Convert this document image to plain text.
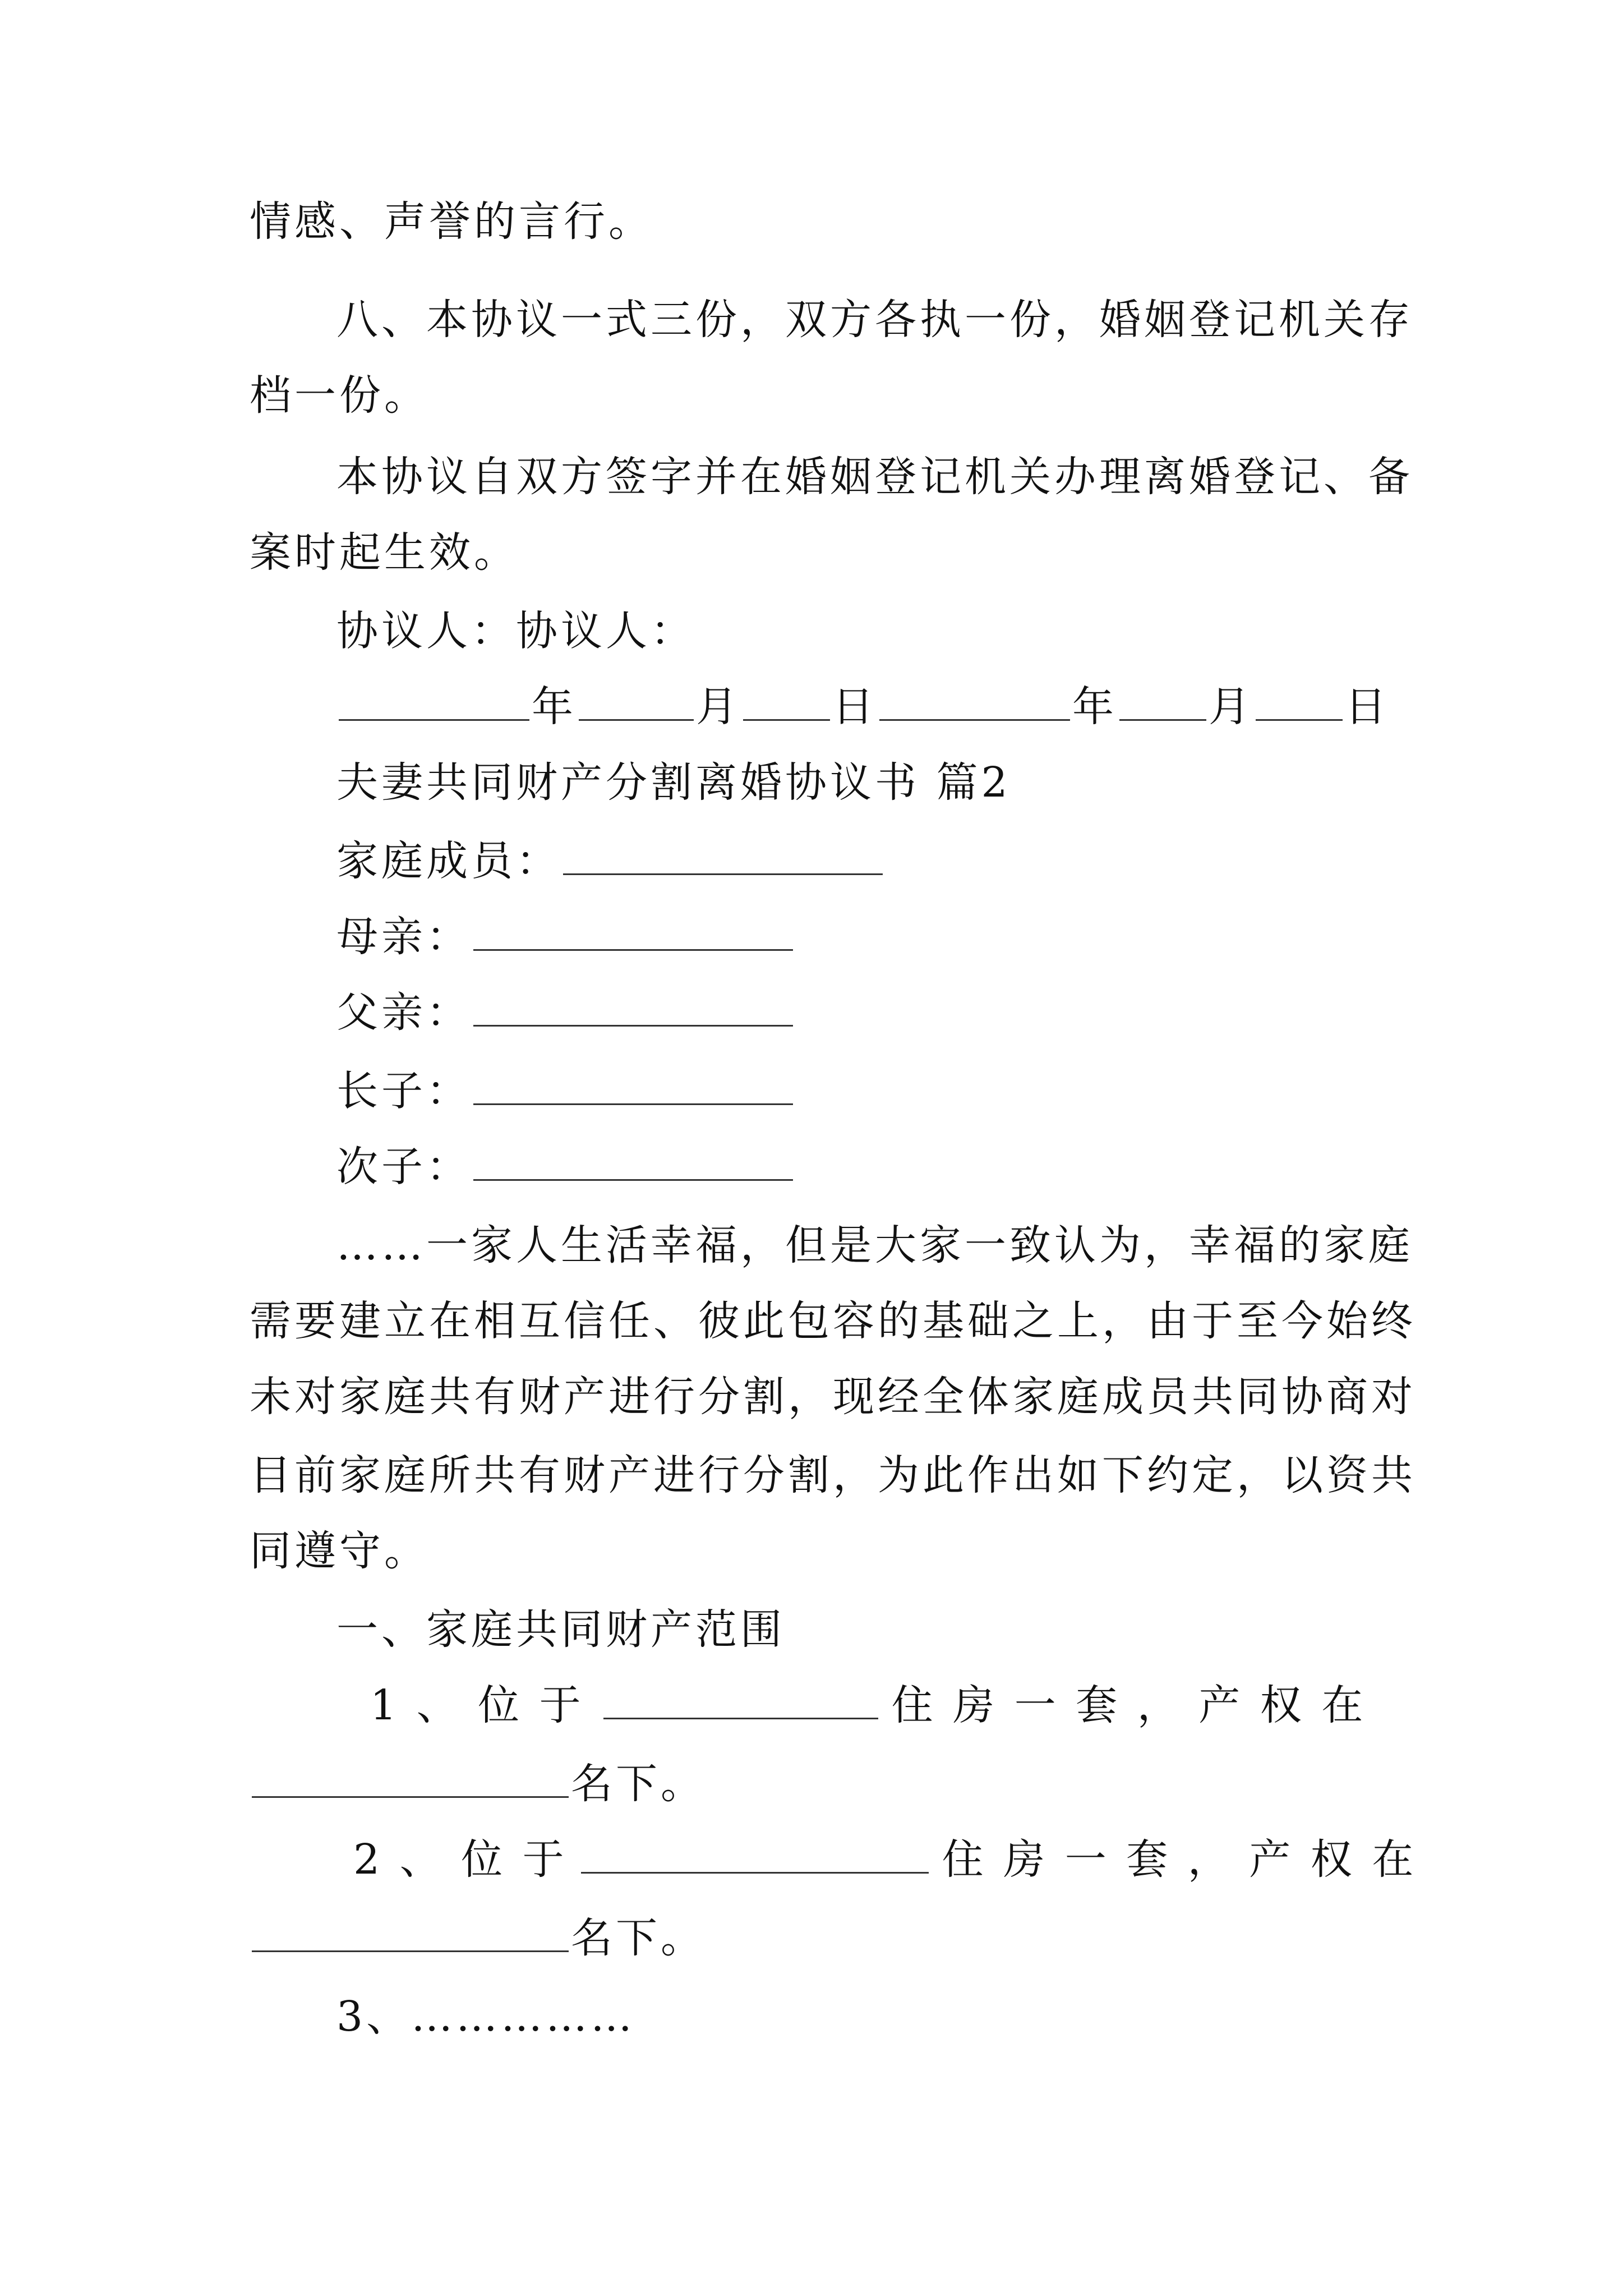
情感、声誉的言行。
八、本协议一式三份，双方各执一份，婚姻登记机关存
档一份。
本协议自双方签字并在婚姻登记机关办理离婚登记、备
案时起生效。
协议人：协议人：
年	月 日	年 月 日
夫妻共同财产分割离婚协议书 篇2
家庭成员：
母亲：
父亲：
长子：
次子：
……一家人生活幸福，但是大家一致认为，幸福的家庭
需要建立在相互信任、彼此包容的基础之上，由于至今始终
未对家庭共有财产进行分割，现经全体家庭成员共同协商对
目前家庭所共有财产进行分割，为此作出如下约定，以资共
同遵守。
一、家庭共同财产范围
1 、 位 于	住 房 一 套 ， 产 权 在
名下。
2 、 位 于	住 房 一 套 ， 产 权 在
名下。
3、……………
